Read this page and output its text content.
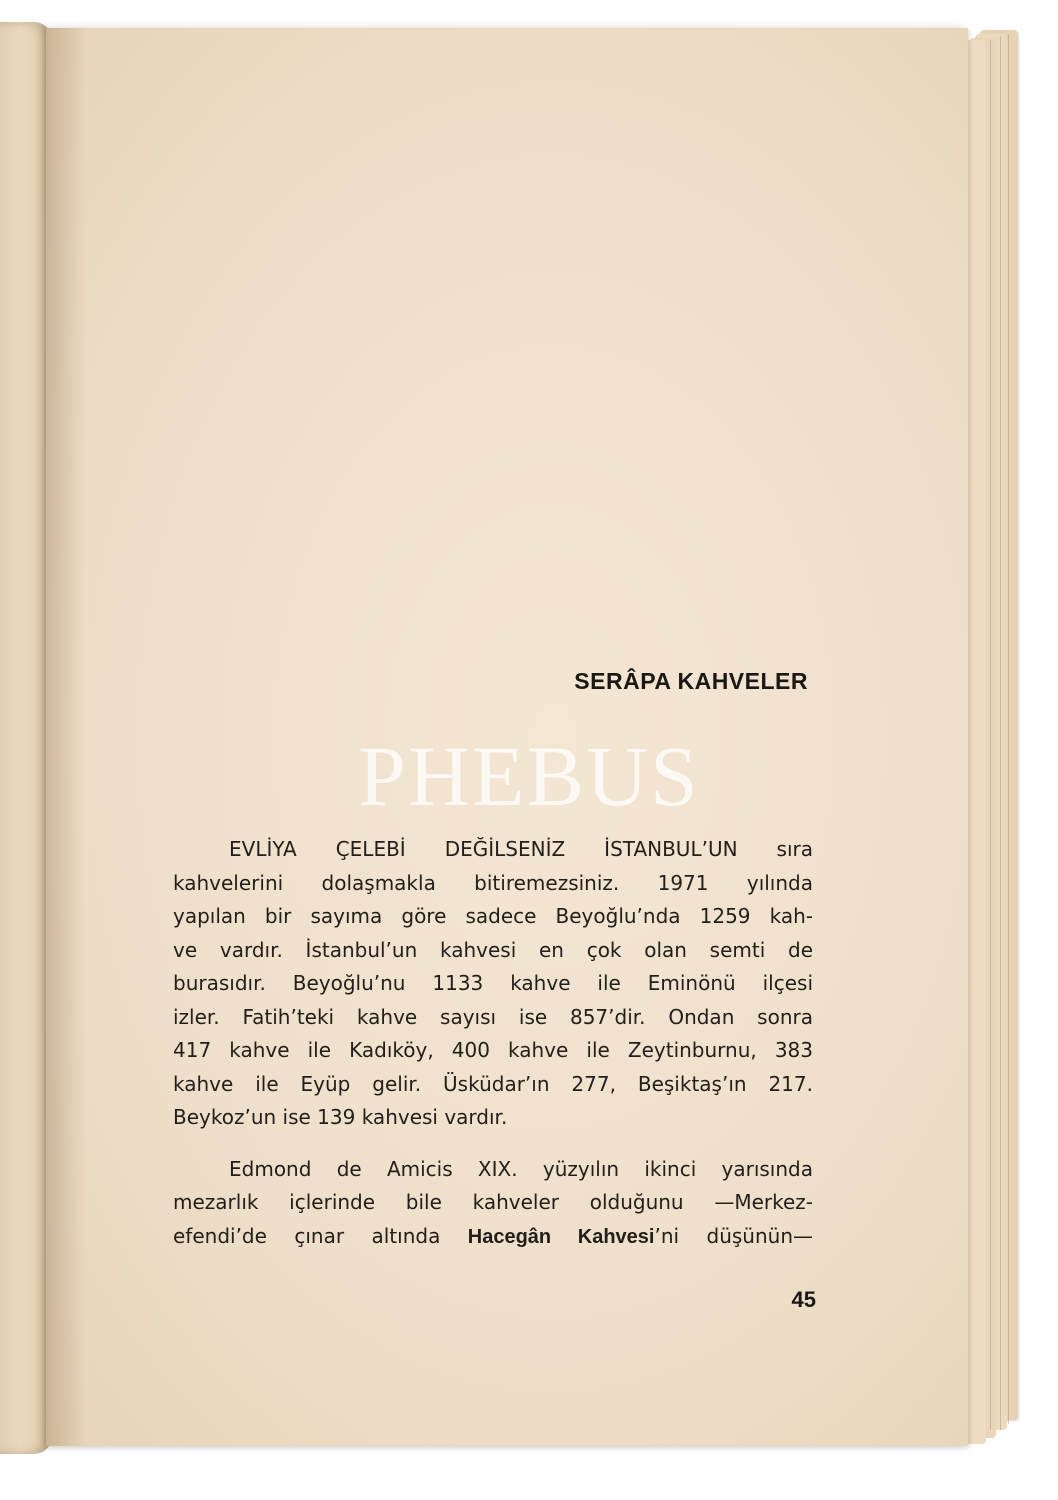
SERÂPA KAHVELER
EVLİYA ÇELEBİ DEĞİLSENİZ İSTANBUL’UN sıra
kahvelerini dolaşmakla bitiremezsiniz. 1971 yılında
yapılan bir sayıma göre sadece Beyoğlu’nda 1259 kah-
ve vardır. İstanbul’un kahvesi en çok olan semti de
burasıdır. Beyoğlu’nu 1133 kahve ile Eminönü ilçesi
izler. Fatih’teki kahve sayısı ise 857’dir. Ondan sonra
417 kahve ile Kadıköy, 400 kahve ile Zeytinburnu, 383
kahve ile Eyüp gelir. Üsküdar’ın 277, Beşiktaş’ın 217.
Beykoz’un ise 139 kahvesi vardır.
Edmond de Amicis XIX. yüzyılın ikinci yarısında
mezarlık içlerinde bile kahveler olduğunu —Merkez-
efendi’de çınar altında Hacegân Kahvesi’ni düşünün—
PHEBUS

45
